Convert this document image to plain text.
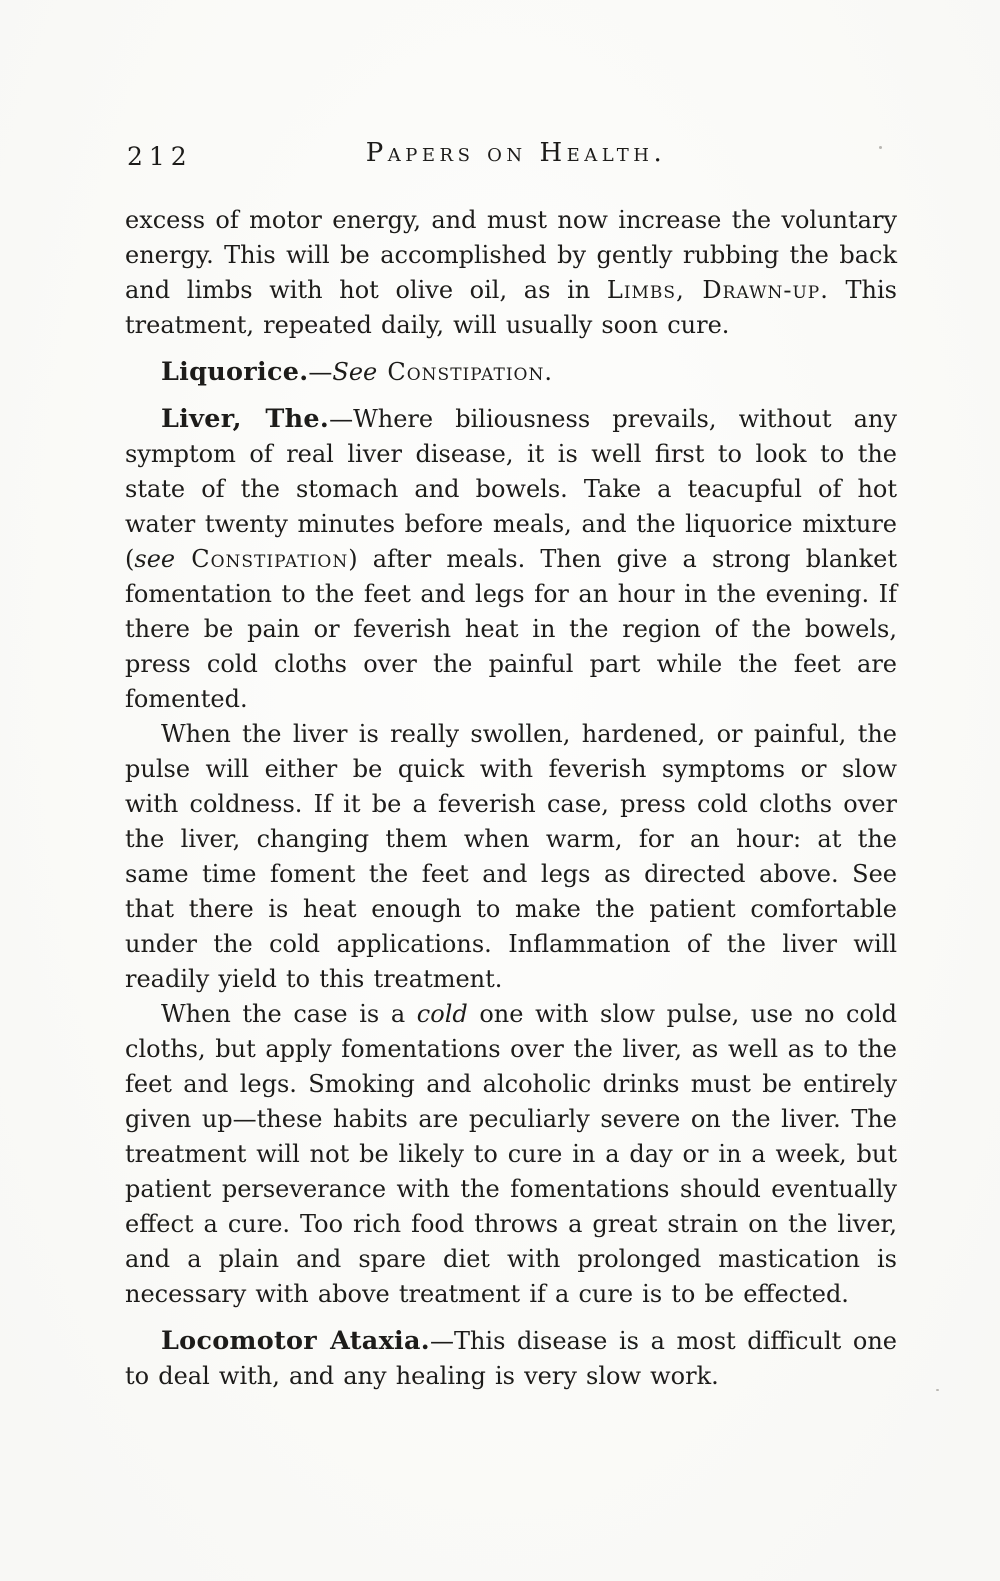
212	Papers on Health.

excess of motor energy, and must now increase the voluntary energy. This will be accomplished by gently rubbing the back and limbs with hot olive oil, as in Limbs, Drawn-up. This treatment, repeated daily, will usually soon cure.

Liquorice.—See Constipation.

Liver, The.—Where biliousness prevails, without any symptom of real liver disease, it is well first to look to the state of the stomach and bowels. Take a teacupful of hot water twenty minutes before meals, and the liquorice mixture (see Constipation) after meals. Then give a strong blanket fomentation to the feet and legs for an hour in the evening. If there be pain or feverish heat in the region of the bowels, press cold cloths over the painful part while the feet are fomented.

When the liver is really swollen, hardened, or painful, the pulse will either be quick with feverish symptoms or slow with coldness. If it be a feverish case, press cold cloths over the liver, changing them when warm, for an hour: at the same time foment the feet and legs as directed above. See that there is heat enough to make the patient comfortable under the cold applications. Inflammation of the liver will readily yield to this treatment.

When the case is a cold one with slow pulse, use no cold cloths, but apply fomentations over the liver, as well as to the feet and legs. Smoking and alcoholic drinks must be entirely given up—these habits are peculiarly severe on the liver. The treatment will not be likely to cure in a day or in a week, but patient perseverance with the fomentations should eventually effect a cure. Too rich food throws a great strain on the liver, and a plain and spare diet with prolonged mastication is necessary with above treatment if a cure is to be effected.

Locomotor Ataxia.—This disease is a most difficult one to deal with, and any healing is very slow work.
